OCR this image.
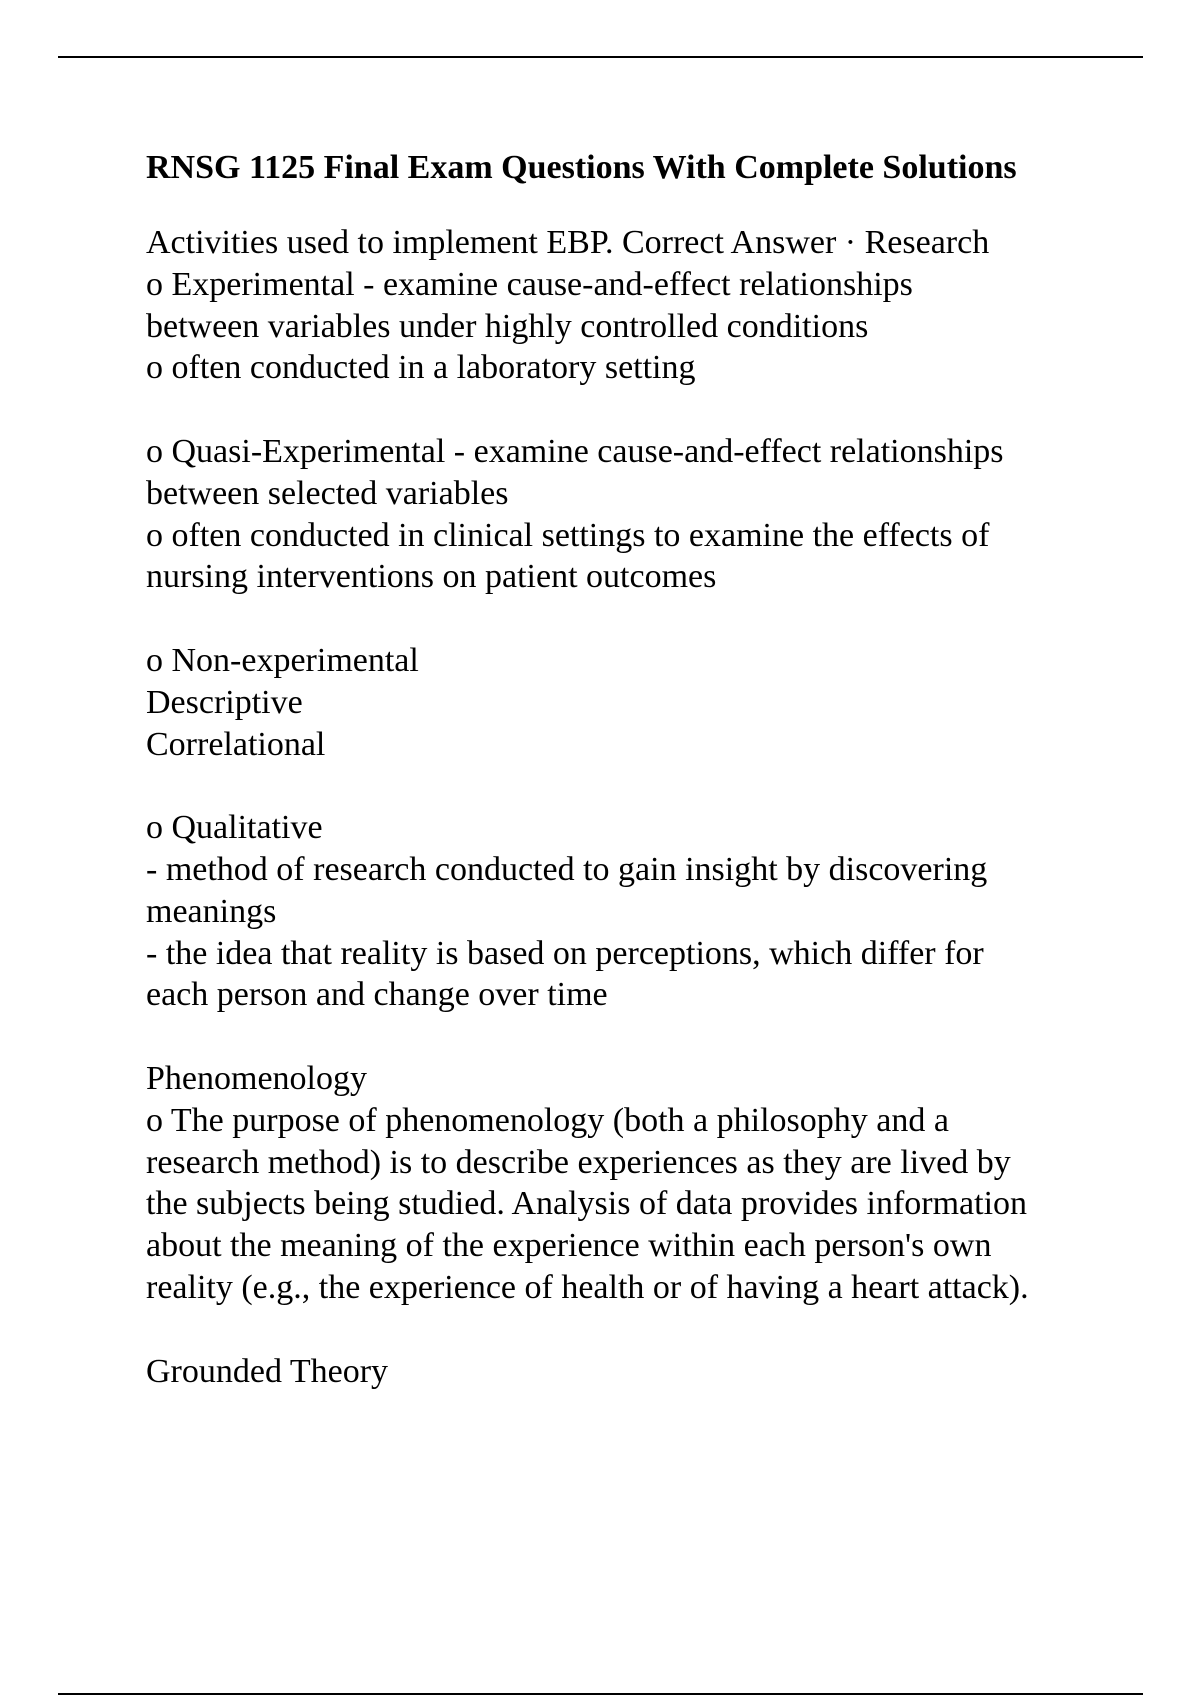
RNSG 1125 Final Exam Questions With Complete Solutions

Activities used to implement EBP. Correct Answer · Research

o Experimental - examine cause-and-effect relationships

between variables under highly controlled conditions

o often conducted in a laboratory setting

o Quasi-Experimental - examine cause-and-effect relationships

between selected variables

o often conducted in clinical settings to examine the effects of

nursing interventions on patient outcomes

o Non-experimental

Descriptive

Correlational

o Qualitative

- method of research conducted to gain insight by discovering

meanings

- the idea that reality is based on perceptions, which differ for

each person and change over time

Phenomenology

o The purpose of phenomenology (both a philosophy and a

research method) is to describe experiences as they are lived by

the subjects being studied. Analysis of data provides information

about the meaning of the experience within each person's own

reality (e.g., the experience of health or of having a heart attack).

Grounded Theory
